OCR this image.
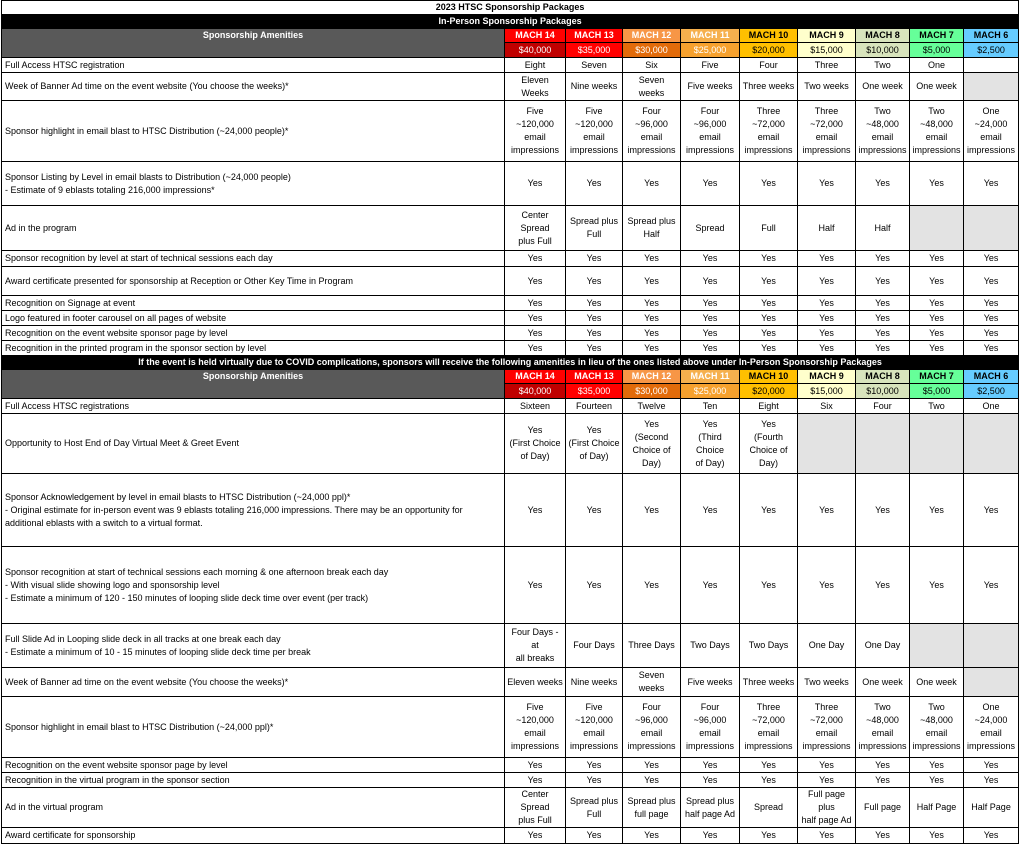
2023 HTSC Sponsorship Packages									
In-Person Sponsorship Packages									
Sponsorship Amenities	MACH 14	MACH 13	MACH 12	MACH 11	MACH 10	MACH 9	MACH 8	MACH 7	MACH 6
	$40,000	$35,000	$30,000	$25,000	$20,000	$15,000	$10,000	$5,000	$2,500
Full Access HTSC registration	Eight	Seven	Six	Five	Four	Three	Two	One	
Week of Banner Ad time on the event website (You choose the weeks)*	Eleven Weeks	Nine weeks	Seven weeks	Five weeks	Three weeks	Two weeks	One week	One week	
Sponsor highlight in email blast to HTSC Distribution (~24,000 people)*	Five
~120,000
email
impressions	Five
~120,000
email
impressions	Four
~96,000
email
impressions	Four
~96,000
email
impressions	Three
~72,000
email
impressions	Three
~72,000 email
impressions	Two
~48,000
email
impressions	Two
~48,000
email
impressions	One
~24,000
email
impressions
Sponsor Listing by Level in email blasts to Distribution (~24,000 people)
- Estimate of 9 eblasts totaling 216,000 impressions*	Yes	Yes	Yes	Yes	Yes	Yes	Yes	Yes	Yes
Ad in the program	Center Spread
plus Full	Spread plus
Full	Spread plus
Half	Spread	Full	Half	Half		
Sponsor recognition by level at start of technical sessions each day	Yes	Yes	Yes	Yes	Yes	Yes	Yes	Yes	Yes
Award certificate presented for sponsorship at Reception or Other Key Time in Program	Yes	Yes	Yes	Yes	Yes	Yes	Yes	Yes	Yes
Recognition on Signage at event	Yes	Yes	Yes	Yes	Yes	Yes	Yes	Yes	Yes
Logo featured in footer carousel on all pages of website	Yes	Yes	Yes	Yes	Yes	Yes	Yes	Yes	Yes
Recognition on the event website sponsor page by level	Yes	Yes	Yes	Yes	Yes	Yes	Yes	Yes	Yes
Recognition in the printed program in the sponsor section by level	Yes	Yes	Yes	Yes	Yes	Yes	Yes	Yes	Yes
If the event is held virtually due to COVID complications, sponsors will receive the following amenities in lieu of the ones listed above under In-Person Sponsorship Packages									
Sponsorship Amenities	MACH 14	MACH 13	MACH 12	MACH 11	MACH 10	MACH 9	MACH 8	MACH 7	MACH 6
	$40,000	$35,000	$30,000	$25,000	$20,000	$15,000	$10,000	$5,000	$2,500
Full Access HTSC registrations	Sixteen	Fourteen	Twelve	Ten	Eight	Six	Four	Two	One
Opportunity to Host End of Day Virtual Meet & Greet Event	Yes
(First Choice
of Day)	Yes
(First Choice
of Day)	Yes
(Second
Choice of
Day)	Yes
(Third Choice
of Day)	Yes
(Fourth
Choice of
Day)				
Sponsor Acknowledgement by level in email blasts to HTSC Distribution (~24,000 ppl)*
- Original estimate for in-person event was 9 eblasts totaling 216,000 impressions. There may be an opportunity for additional eblasts with a switch to a virtual format.	Yes	Yes	Yes	Yes	Yes	Yes	Yes	Yes	Yes
Sponsor recognition at start of technical sessions each morning & one afternoon break each day
- With visual slide showing logo and sponsorship level
- Estimate a minimum of 120 - 150 minutes of looping slide deck time over event (per track)	Yes	Yes	Yes	Yes	Yes	Yes	Yes	Yes	Yes
Full Slide Ad in Looping slide deck in all tracks at one break each day
- Estimate a minimum of 10 - 15 minutes of looping slide deck time per break	Four Days - at
all breaks	Four Days	Three Days	Two Days	Two Days	One Day	One Day		
Week of Banner ad time on the event website (You choose the weeks)*	Eleven weeks	Nine weeks	Seven weeks	Five weeks	Three weeks	Two weeks	One week	One week	
Sponsor highlight in email blast to HTSC Distribution (~24,000 ppl)*	Five
~120,000
email
impressions	Five
~120,000
email
impressions	Four
~96,000
email
impressions	Four
~96,000
email
impressions	Three
~72,000
email
impressions	Three
~72,000 email
impressions	Two
~48,000
email
impressions	Two
~48,000
email
impressions	One
~24,000
email
impressions
Recognition on the event website sponsor page by level	Yes	Yes	Yes	Yes	Yes	Yes	Yes	Yes	Yes
Recognition in the virtual program in the sponsor section	Yes	Yes	Yes	Yes	Yes	Yes	Yes	Yes	Yes
Ad in the virtual program	Center Spread
plus Full	Spread plus
Full	Spread plus
full page	Spread plus
half page Ad	Spread	Full page plus
half page Ad	Full page	Half Page	Half Page
Award certificate for sponsorship	Yes	Yes	Yes	Yes	Yes	Yes	Yes	Yes	Yes
